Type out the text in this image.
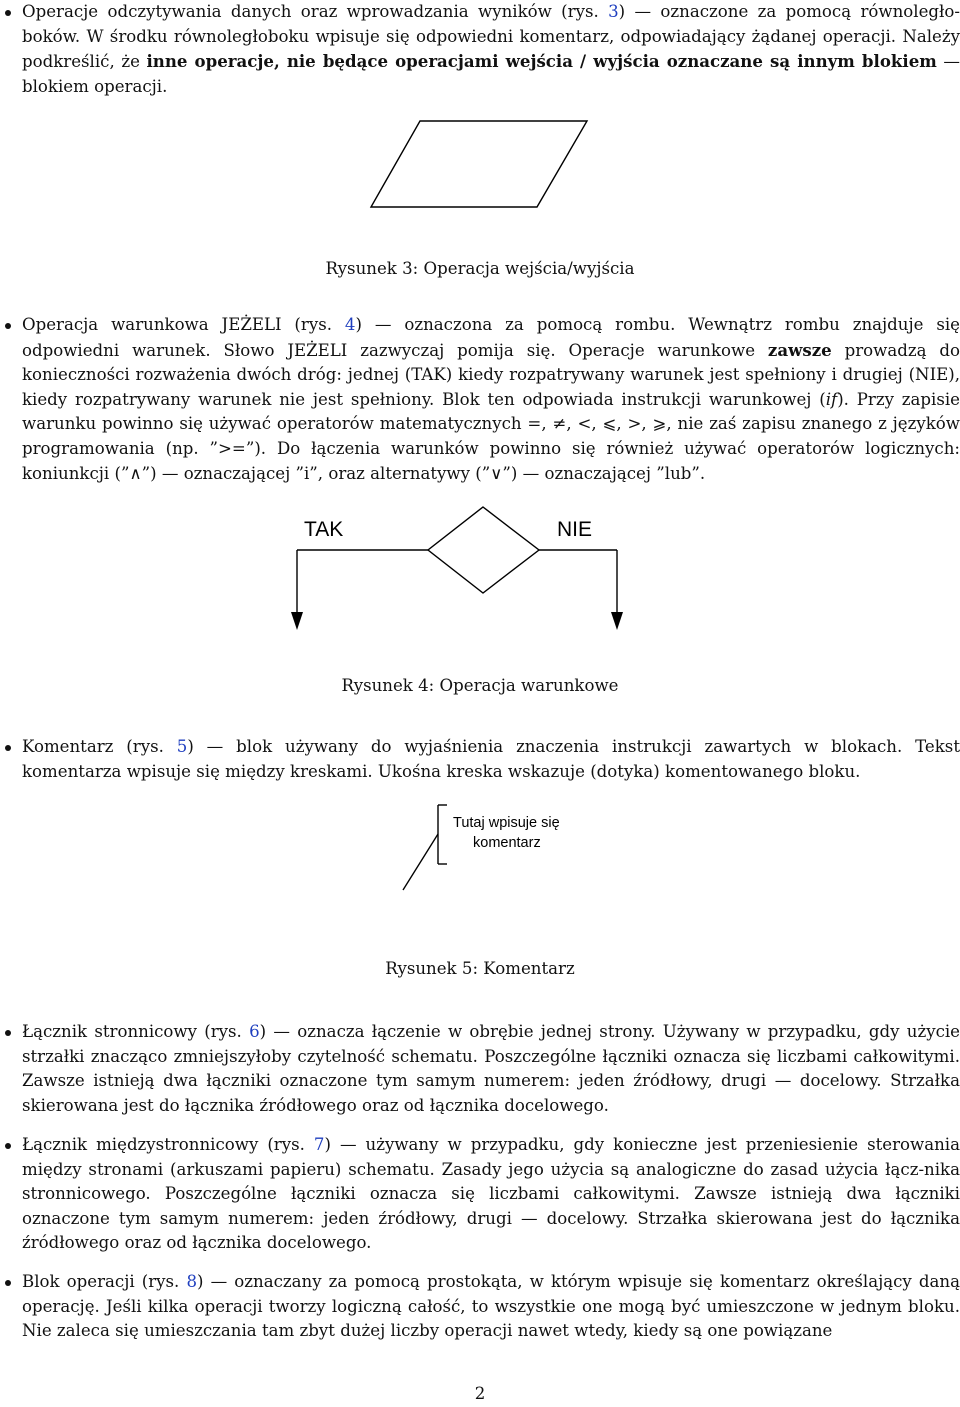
Operacje odczytywania danych oraz wprowadzania wyników (rys. 3) — oznaczone za pomocą równoległo-boków. W środku równoległoboku wpisuje się odpowiedni komentarz, odpowiadający żądanej operacji. Należy podkreślić, że inne operacje, nie będące operacjami wejścia / wyjścia oznaczane są innym blokiem — blokiem operacji.
Rysunek 3: Operacja wejścia/wyjścia
Operacja warunkowa JEŻELI (rys. 4) — oznaczona za pomocą rombu. Wewnątrz rombu znajduje się odpowiedni warunek. Słowo JEŻELI zazwyczaj pomija się. Operacje warunkowe zawsze prowadzą do konieczności rozważenia dwóch dróg: jednej (TAK) kiedy rozpatrywany warunek jest spełniony i drugiej (NIE), kiedy rozpatrywany warunek nie jest spełniony. Blok ten odpowiada instrukcji warunkowej (if). Przy zapisie warunku powinno się używać operatorów matematycznych =, ≠, <, ⩽, >, ⩾, nie zaś zapisu znanego z języków programowania (np. ”>=”). Do łączenia warunków powinno się również używać operatorów logicznych: koniunkcji (”∧”) — oznaczającej ”i”, oraz alternatywy (”∨”) — oznaczającej ”lub”.
TAK	NIE
Rysunek 4: Operacja warunkowe
Komentarz (rys. 5) — blok używany do wyjaśnienia znaczenia instrukcji zawartych w blokach. Tekst komentarza wpisuje się między kreskami. Ukośna kreska wskazuje (dotyka) komentowanego bloku.
Tutaj wpisuje się
komentarz
Rysunek 5: Komentarz
Łącznik stronnicowy (rys. 6) — oznacza łączenie w obrębie jednej strony. Używany w przypadku, gdy użycie strzałki znacząco zmniejszyłoby czytelność schematu. Poszczególne łączniki oznacza się liczbami całkowitymi. Zawsze istnieją dwa łączniki oznaczone tym samym numerem: jeden źródłowy, drugi — docelowy. Strzałka skierowana jest do łącznika źródłowego oraz od łącznika docelowego.
Łącznik międzystronnicowy (rys. 7) — używany w przypadku, gdy konieczne jest przeniesienie sterowania między stronami (arkuszami papieru) schematu. Zasady jego użycia są analogiczne do zasad użycia łącz-nika stronnicowego. Poszczególne łączniki oznacza się liczbami całkowitymi. Zawsze istnieją dwa łączniki oznaczone tym samym numerem: jeden źródłowy, drugi — docelowy. Strzałka skierowana jest do łącznika źródłowego oraz od łącznika docelowego.
Blok operacji (rys. 8) — oznaczany za pomocą prostokąta, w którym wpisuje się komentarz określający daną operację. Jeśli kilka operacji tworzy logiczną całość, to wszystkie one mogą być umieszczone w jednym bloku. Nie zaleca się umieszczania tam zbyt dużej liczby operacji nawet wtedy, kiedy są one powiązane
2
